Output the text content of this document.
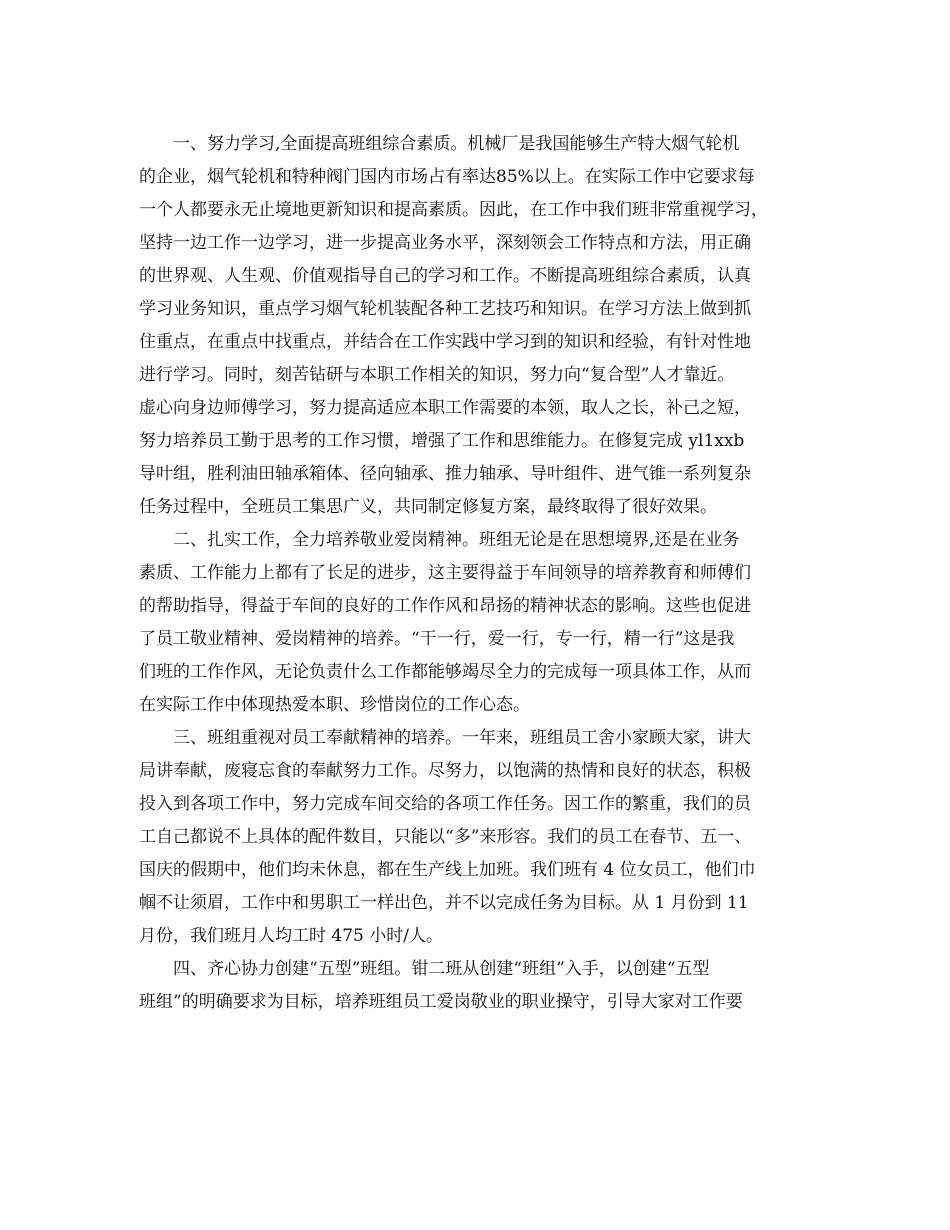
　　一、努力学习,全面提高班组综合素质。机械厂是我国能够生产特大烟气轮机
的企业，烟气轮机和特种阀门国内市场占有率达85%以上。在实际工作中它要求每
一个人都要永无止境地更新知识和提高素质。因此，在工作中我们班非常重视学习，
坚持一边工作一边学习，进一步提高业务水平，深刻领会工作特点和方法，用正确
的世界观、人生观、价值观指导自己的学习和工作。不断提高班组综合素质，认真
学习业务知识，重点学习烟气轮机装配各种工艺技巧和知识。在学习方法上做到抓
住重点，在重点中找重点，并结合在工作实践中学习到的知识和经验，有针对性地
进行学习。同时，刻苦钻研与本职工作相关的知识，努力向“复合型”人才靠近。
虚心向身边师傅学习，努力提高适应本职工作需要的本领，取人之长，补己之短，
努力培养员工勤于思考的工作习惯，增强了工作和思维能力。在修复完成 yl1xxb
导叶组，胜利油田轴承箱体、径向轴承、推力轴承、导叶组件、进气锥一系列复杂
任务过程中，全班员工集思广义，共同制定修复方案，最终取得了很好效果。
　　二、扎实工作，全力培养敬业爱岗精神。班组无论是在思想境界,还是在业务
素质、工作能力上都有了长足的进步，这主要得益于车间领导的培养教育和师傅们
的帮助指导，得益于车间的良好的工作作风和昂扬的精神状态的影响。这些也促进
了员工敬业精神、爱岗精神的培养。“干一行，爱一行，专一行，精一行”这是我
们班的工作作风，无论负责什么工作都能够竭尽全力的完成每一项具体工作，从而
在实际工作中体现热爱本职、珍惜岗位的工作心态。
　　三、班组重视对员工奉献精神的培养。一年来，班组员工舍小家顾大家，讲大
局讲奉献，废寝忘食的奉献努力工作。尽努力，以饱满的热情和良好的状态，积极
投入到各项工作中，努力完成车间交给的各项工作任务。因工作的繁重，我们的员
工自己都说不上具体的配件数目，只能以“多”来形容。我们的员工在春节、五一、
国庆的假期中，他们均未休息，都在生产线上加班。我们班有 4 位女员工，他们巾
帼不让须眉，工作中和男职工一样出色，并不以完成任务为目标。从 1 月份到 11
月份，我们班月人均工时 475 小时/人。
　　四、齐心协力创建“五型”班组。钳二班从创建“班组”入手，以创建“五型
班组”的明确要求为目标，培养班组员工爱岗敬业的职业操守，引导大家对工作要
